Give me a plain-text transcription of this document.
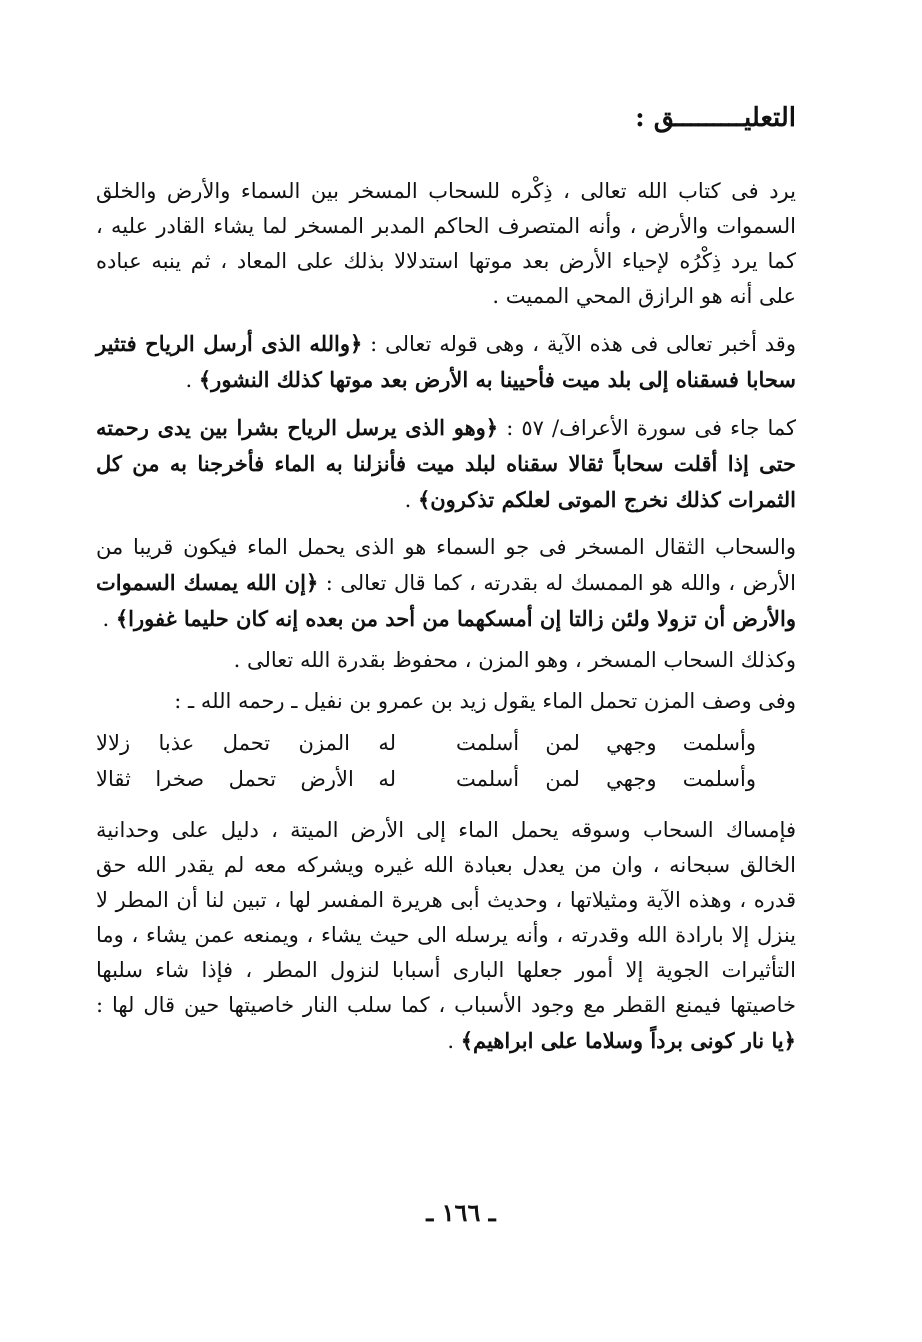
التعليـــــــــق :

يرد فى كتاب الله تعالى ، ذِكْره للسحاب المسخر بين السماء والأرض والخلق السموات والأرض ، وأنه المتصرف الحاكم المدبر المسخر لما يشاء القادر عليه ، كما يرد ذِكْرُه لإحياء الأرض بعد موتها استدلالا بذلك على المعاد ، ثم ينبه عباده على أنه هو الرازق المحي المميت .

وقد أخبر تعالى فى هذه الآية ، وهى قوله تعالى : ﴿والله الذى أرسل الرياح فتثير سحابا فسقناه إلى بلد ميت فأحيينا به الأرض بعد موتها كذلك النشور﴾ .

كما جاء فى سورة الأعراف/ ٥٧ : ﴿وهو الذى يرسل الرياح بشرا بين يدى رحمته حتى إذا أقلت سحاباً ثقالا سقناه لبلد ميت فأنزلنا به الماء فأخرجنا به من كل الثمرات كذلك نخرج الموتى لعلكم تذكرون﴾ .

والسحاب الثقال المسخر فى جو السماء هو الذى يحمل الماء فيكون قريبا من الأرض ، والله هو الممسك له بقدرته ، كما قال تعالى : ﴿إن الله يمسك السموات والأرض أن تزولا ولئن زالتا إن أمسكهما من أحد من بعده إنه كان حليما غفورا﴾ .

وكذلك السحاب المسخر ، وهو المزن ، محفوظ بقدرة الله تعالى .

وفى وصف المزن تحمل الماء يقول زيد بن عمرو بن نفيل ـ رحمه الله ـ :

وأسلمت وجهي لمن أسلمت
له المزن تحمل عذبا زلالا
وأسلمت وجهي لمن أسلمت
له الأرض تحمل صخرا ثقالا

فإمساك السحاب وسوقه يحمل الماء إلى الأرض الميتة ، دليل على وحدانية الخالق سبحانه ، وان من يعدل بعبادة الله غيره ويشركه معه لم يقدر الله حق قدره ، وهذه الآية ومثيلاتها ، وحديث أبى هريرة المفسر لها ، تبين لنا أن المطر لا ينزل إلا بارادة الله وقدرته ، وأنه يرسله الى حيث يشاء ، ويمنعه عمن يشاء ، وما التأثيرات الجوية إلا أمور جعلها البارى أسبابا لنزول المطر ، فإذا شاء سلبها خاصيتها فيمنع القطر مع وجود الأسباب ، كما سلب النار خاصيتها حين قال لها : ﴿يا نار كونى برداً وسلاما على ابراهيم﴾ .

ـ ١٦٦ ـ
